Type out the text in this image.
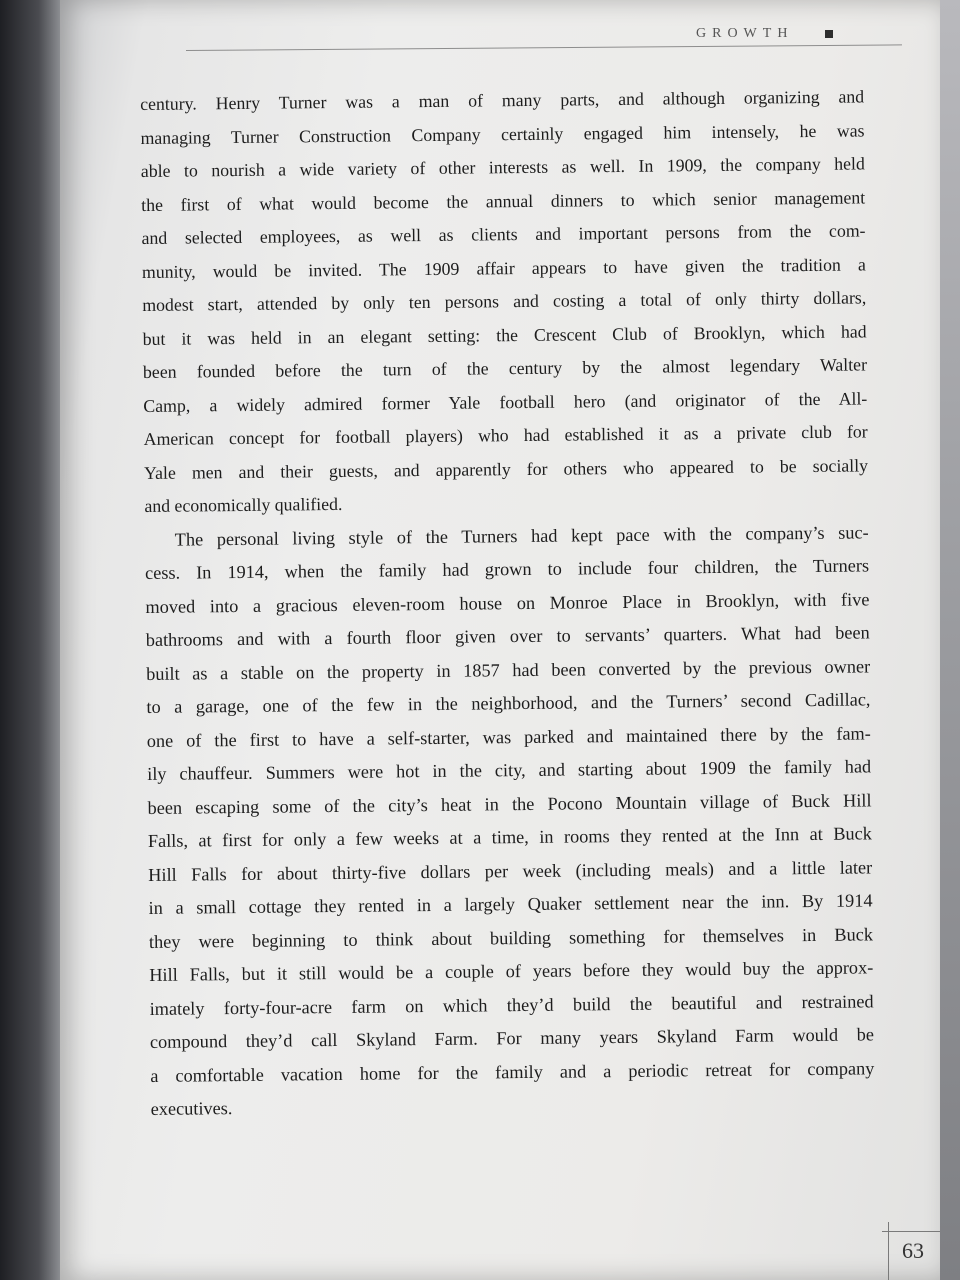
GROWTH
century. Henry Turner was a man of many parts, and although organizing and
managing Turner Construction Company certainly engaged him intensely, he was
able to nourish a wide variety of other interests as well. In 1909, the company held
the first of what would become the annual dinners to which senior management
and selected employees, as well as clients and important persons from the com-
munity, would be invited. The 1909 affair appears to have given the tradition a
modest start, attended by only ten persons and costing a total of only thirty dollars,
but it was held in an elegant setting: the Crescent Club of Brooklyn, which had
been founded before the turn of the century by the almost legendary Walter
Camp, a widely admired former Yale football hero (and originator of the All-
American concept for football players) who had established it as a private club for
Yale men and their guests, and apparently for others who appeared to be socially
and economically qualified.
The personal living style of the Turners had kept pace with the company’s suc-
cess. In 1914, when the family had grown to include four children, the Turners
moved into a gracious eleven-room house on Monroe Place in Brooklyn, with five
bathrooms and with a fourth floor given over to servants’ quarters. What had been
built as a stable on the property in 1857 had been converted by the previous owner
to a garage, one of the few in the neighborhood, and the Turners’ second Cadillac,
one of the first to have a self-starter, was parked and maintained there by the fam-
ily chauffeur. Summers were hot in the city, and starting about 1909 the family had
been escaping some of the city’s heat in the Pocono Mountain village of Buck Hill
Falls, at first for only a few weeks at a time, in rooms they rented at the Inn at Buck
Hill Falls for about thirty-five dollars per week (including meals) and a little later
in a small cottage they rented in a largely Quaker settlement near the inn. By 1914
they were beginning to think about building something for themselves in Buck
Hill Falls, but it still would be a couple of years before they would buy the approx-
imately forty-four-acre farm on which they’d build the beautiful and restrained
compound they’d call Skyland Farm. For many years Skyland Farm would be
a comfortable vacation home for the family and a periodic retreat for company
executives.
63
